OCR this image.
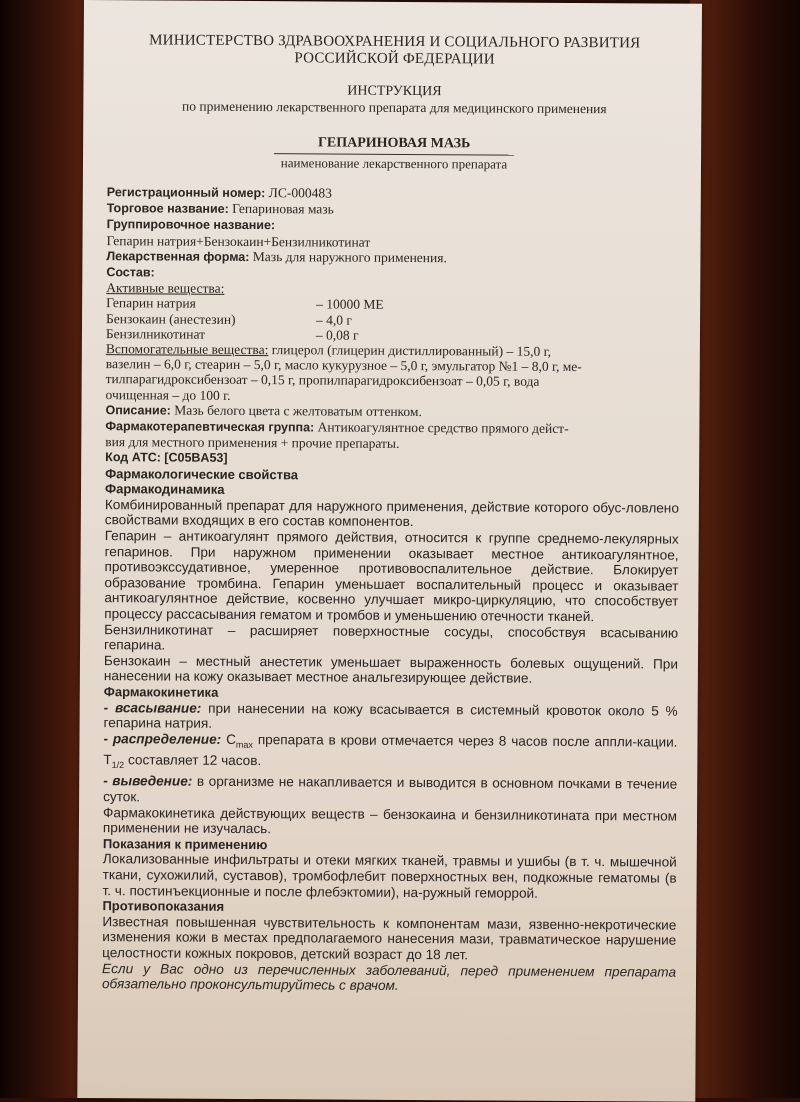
МИНИСТЕРСТВО ЗДРАВООХРАНЕНИЯ И СОЦИАЛЬНОГО РАЗВИТИЯ
РОССИЙСКОЙ ФЕДЕРАЦИИ
ИНСТРУКЦИЯ
по применению лекарственного препарата для медицинского применения
ГЕПАРИНОВАЯ МАЗЬ
наименование лекарственного препарата
Регистрационный номер: ЛС-000483
Торговое название: Гепариновая мазь
Группировочное название:
Гепарин натрия+Бензокаин+Бензилникотинат
Лекарственная форма: Мазь для наружного применения.
Состав:
Активные вещества:
Гепарин натрия	– 10000 МЕ
Бензокаин (анестезин)	– 4,0 г
Бензилникотинат	– 0,08 г
Вспомогательные вещества: глицерол (глицерин дистиллированный) – 15,0 г,
вазелин – 6,0 г, стеарин – 5,0 г, масло кукурузное – 5,0 г, эмульгатор №1 – 8,0 г, ме-
тилпарагидроксибензоат – 0,15 г, пропилпарагидроксибензоат – 0,05 г, вода
очищенная – до 100 г.
Описание: Мазь белого цвета с желтоватым оттенком.
Фармакотерапевтическая группа: Антикоагулянтное средство прямого дейст-
вия для местного применения + прочие препараты.
Код АТС: [C05BA53]

Фармакологические свойства

Фармакодинамика

Комбинированный препарат для наружного применения, действие которого обус-ловлено свойствами входящих в его состав компонентов.

Гепарин – антикоагулянт прямого действия, относится к группе среднемо-лекулярных гепаринов. При наружном применении оказывает местное антикоагулянтное, противоэкссудативное, умеренное противовоспалительное действие. Блокирует образование тромбина. Гепарин уменьшает воспалительный процесс и оказывает антикоагулянтное действие, косвенно улучшает микро-циркуляцию, что способствует процессу рассасывания гематом и тромбов и уменьшению отечности тканей.

Бензилникотинат – расширяет поверхностные сосуды, способствуя всасыванию гепарина.

Бензокаин – местный анестетик уменьшает выраженность болевых ощущений. При нанесении на кожу оказывает местное анальгезирующее действие.

Фармакокинетика

- всасывание: при нанесении на кожу всасывается в системный кровоток около 5 % гепарина натрия.

- распределение: $C_{max}$ препарата в крови отмечается через 8 часов после аппли-кации. $T_{1/2}$ составляет 12 часов.

- выведение: в организме не накапливается и выводится в основном почками в течение суток.

Фармакокинетика действующих веществ – бензокаина и бензилникотината при местном применении не изучалась.

Показания к применению

Локализованные инфильтраты и отеки мягких тканей, травмы и ушибы (в т. ч. мышечной ткани, сухожилий, суставов), тромбофлебит поверхностных вен, подкожные гематомы (в т. ч. постинъекционные и после флебэктомии), на-ружный геморрой.

Противопоказания

Известная повышенная чувствительность к компонентам мази, язвенно-некротические изменения кожи в местах предполагаемого нанесения мази, травматическое нарушение целостности кожных покровов, детский возраст до 18 лет.

Если у Вас одно из перечисленных заболеваний, перед применением препарата обязательно проконсультируйтесь с врачом.
